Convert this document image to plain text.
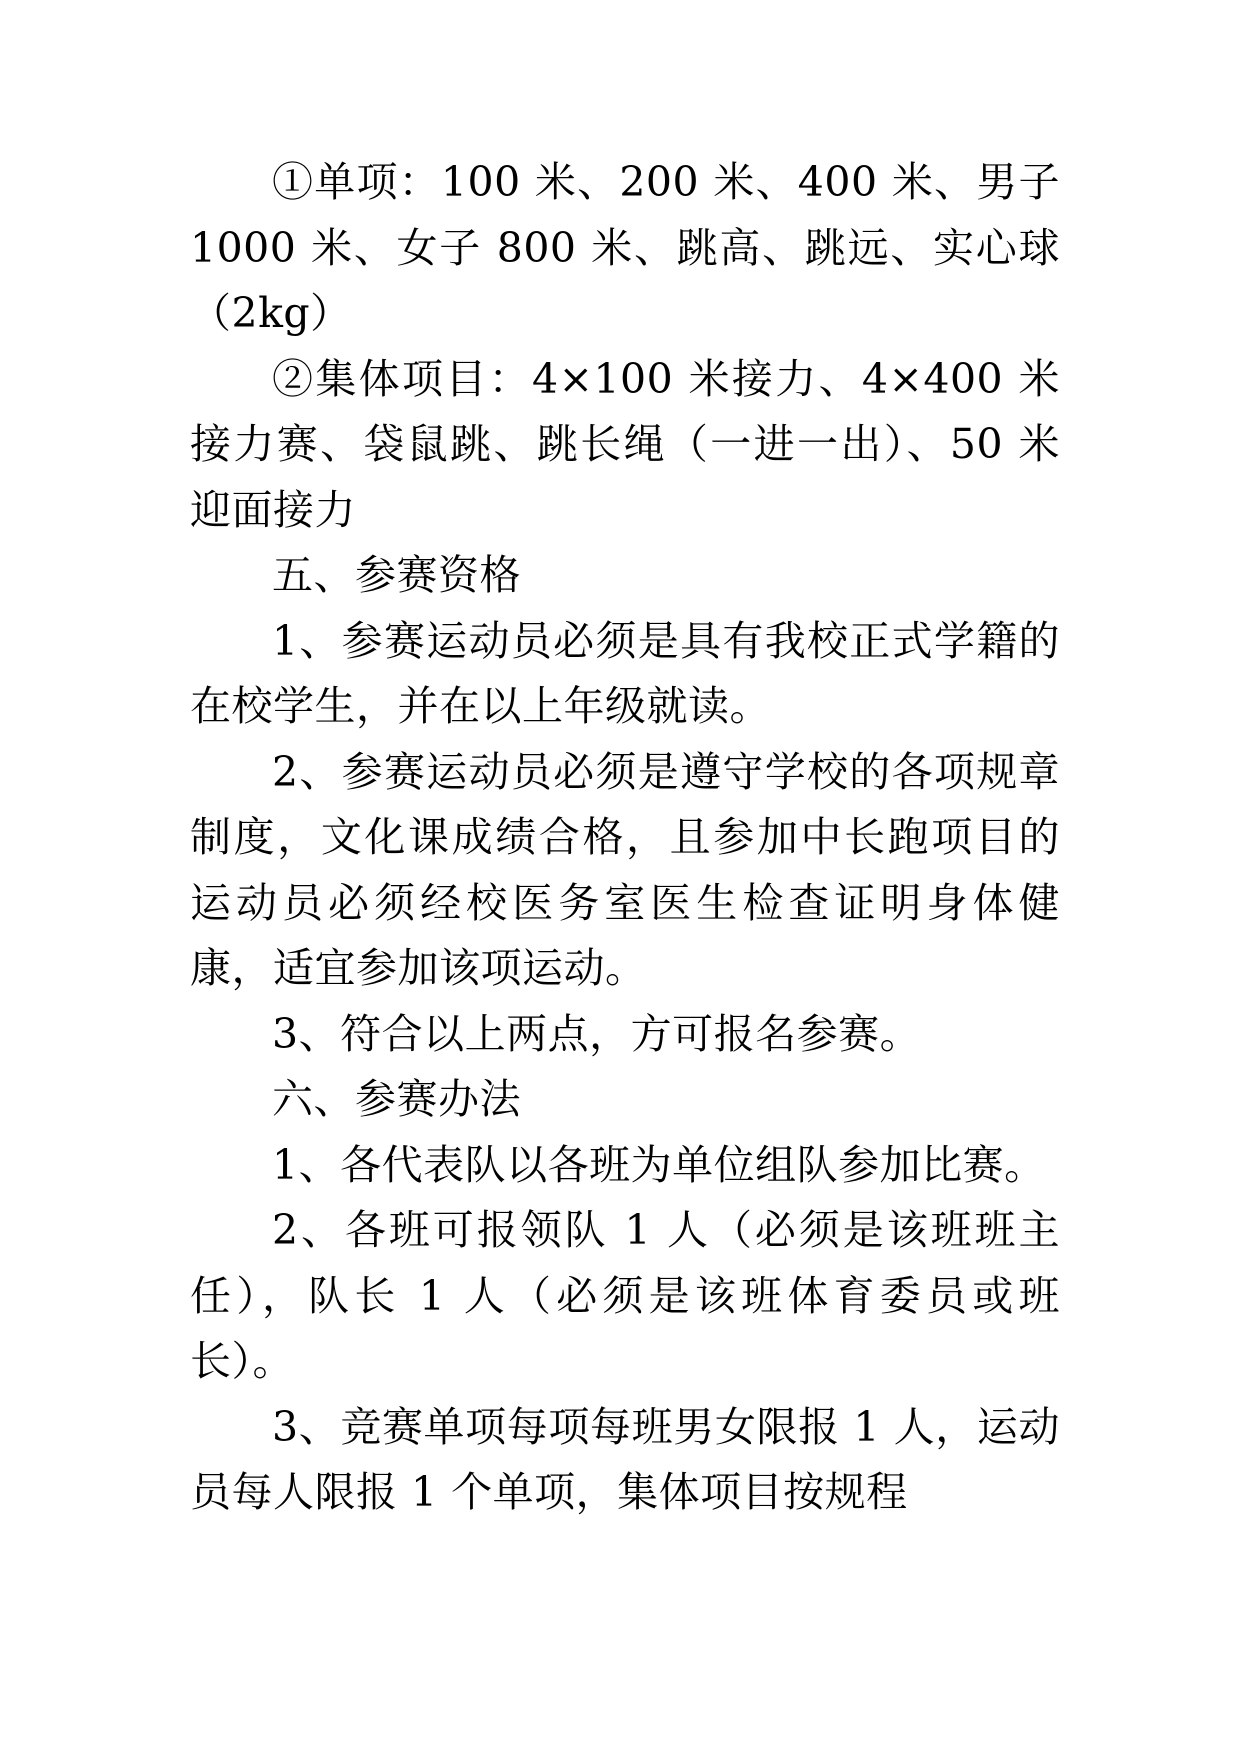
①单项：100 米、200 米、400 米、男子 1000 米、女子 800 米、跳高、跳远、实心球（2kg）

②集体项目：4×100 米接力、4×400 米接力赛、袋鼠跳、跳长绳（一进一出）、50 米迎面接力

五、参赛资格

1、参赛运动员必须是具有我校正式学籍的在校学生，并在以上年级就读。

2、参赛运动员必须是遵守学校的各项规章制度，文化课成绩合格，且参加中长跑项目的运动员必须经校医务室医生检查证明身体健康，适宜参加该项运动。

3、符合以上两点，方可报名参赛。

六、参赛办法

1、各代表队以各班为单位组队参加比赛。

2、各班可报领队 1 人（必须是该班班主任），队长 1 人（必须是该班体育委员或班长）。

3、竞赛单项每项每班男女限报 1 人，运动员每人限报 1 个单项，集体项目按规程
